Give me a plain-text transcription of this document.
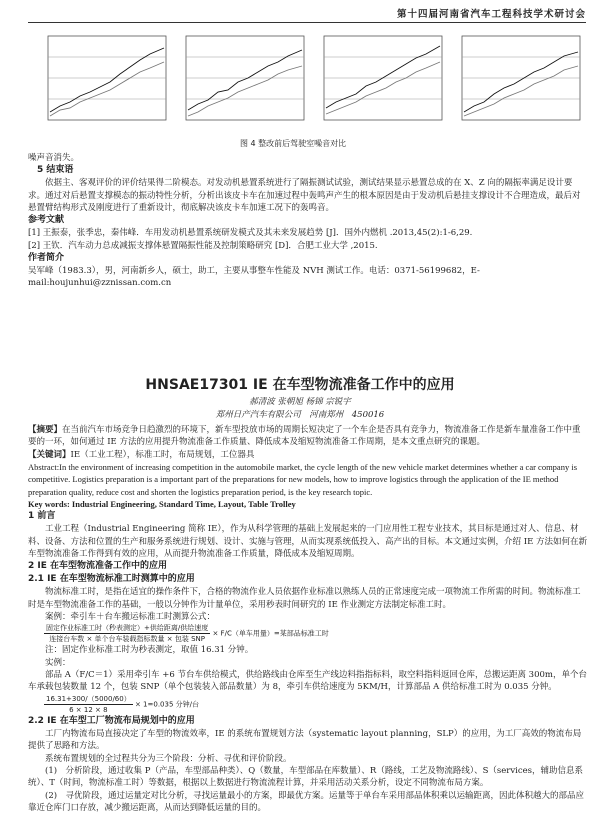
第十四届河南省汽车工程科技学术研讨会
图 4 整改前后驾驶室噪音对比

噪声音消失。

5 结束语

依据主、客观评价的评价结果得二阶模态。对发动机悬置系统进行了隔振测试试验，测试结果显示悬置总成的在 X、Z 向的隔振率满足设计要求。通过对后悬置支撑模态的振动特性分析，分析出该皮卡车在加速过程中轰鸣声产生的根本原因是由于发动机后悬挂支撑设计不合理造成，最后对悬置臂结构形式及刚度进行了重新设计，彻底解决该皮卡车加速工况下的轰鸣音。

参考文献

[1] 王振泰，张季忠，秦伟峰．车用发动机悬置系统研发模式及其未来发展趋势 [J]．国外内燃机 .2013,45(2):1-6,29.

[2] 王钦．汽车动力总成减振支撑体悬置隔振性能及控制策略研究 [D]．合肥工业大学 ,2015.

作者简介

吴军峰（1983.3），男，河南新乡人，硕士，助工，主要从事整车性能及 NVH 测试工作。电话：0371-56199682，E-mail:houjunhui@zznissan.com.cn

HNSAE17301 IE 在车型物流准备工作中的应用
郝清波 张朝旭 杨锦 宗锐宇
郑州日产汽车有限公司　河南郑州　450016

【摘要】在当前汽车市场竞争日趋激烈的环境下，新车型投放市场的周期长短决定了一个车企是否具有竞争力，物流准备工作是新车量准备工作中重要的一环，如何通过 IE 方法的应用提升物流准备工作质量、降低成本及缩短物流准备工作周期，是本文重点研究的课题。

【关键词】IE（工业工程），标准工时，布局规划，工位器具

Abstract:In the environment of increasing competition in the automobile market, the cycle length of the new vehicle market determines whether a car company is competitive. Logistics preparation is a important part of the preparations for new models, how to improve logistics through the application of the IE method preparation quality, reduce cost and shorten the logistics preparation period, is the key research topic.

Key words: Industrial Engineering, Standard Time, Layout, Table Trolley

1 前言

工业工程（Industrial Engineering 简称 IE），作为从科学管理的基础上发展起来的一门应用性工程专业技术，其目标是通过对人、信息、材料、设备、方法和位置的生产和服务系统进行规划、设计、实施与管理，从而实现系统低投入、高产出的目标。本文通过实例，介绍 IE 方法如何在新车型物流准备工作得到有效的应用，从而提升物流准备工作质量，降低成本及缩短周期。

2 IE 在车型物流准备工作中的应用

2.1 IE 在车型物流标准工时测算中的应用

物流标准工时，是指在适宜的操作条件下，合格的物流作业人员依据作业标准以熟练人员的正常速度完成一项物流工作所需的时间。物流标准工时是车型物流准备工作的基础，一般以分钟作为计量单位，采用秒表时间研究的 IE 作业测定方法制定标准工时。

案例：牵引车＋台车搬运标准工时测算公式：

$\frac{\text{固定作业标准工时（秒表测定）+供给距离/供给速度}}{\text{连接台车数 × 单个台车装载指标数量 × 包装 SNP}} \times F/C$（单车用量）=某部品标准工时

注：固定作业标准工时为秒表测定，取值 16.31 分钟。

实例：

部品 A（F/C＝1）采用牵引车 +6 节台车供给模式，供给路线由仓库至生产线边料指指标料，取空料指料返回仓库，总搬运距离 300m，单个台车承载包装数量 12 个，包装 SNP（单个包装装入部品数量）为 8，牵引车供给速度为 5KM/H，计算部品 A 供给标准工时为 0.035 分钟。

$\frac{16.31+300/(5000/60)}{6 \times 12 \times 8} \times 1=0.035$ 分钟/台

2.2 IE 在车型工厂物流布局规划中的应用

工厂内物流布局直接决定了车型的物流效率，IE 的系统布置规划方法（systematic layout planning，SLP）的应用，为工厂高效的物流布局提供了思路和方法。

系统布置规划的全过程共分为三个阶段：分析、寻优和评价阶段。

(1)　分析阶段，通过收集 P（产品，车型部品种类）、Q（数量，车型部品在库数量）、R（路线，工艺及物流路线）、S（services，辅助信息系统）、T（时间，物流标准工时）等数据，根据以上数据进行物流流程计算，并采用活动关系分析，设定不同物流布局方案。

(2)　寻优阶段，通过运量定对比分析，寻找运量最小的方案，即最优方案。运量等于单台车采用部品体积乘以运输距离，因此体积越大的部品应靠近仓库门口存放，减少搬运距离，从而达到降低运量的目的。
